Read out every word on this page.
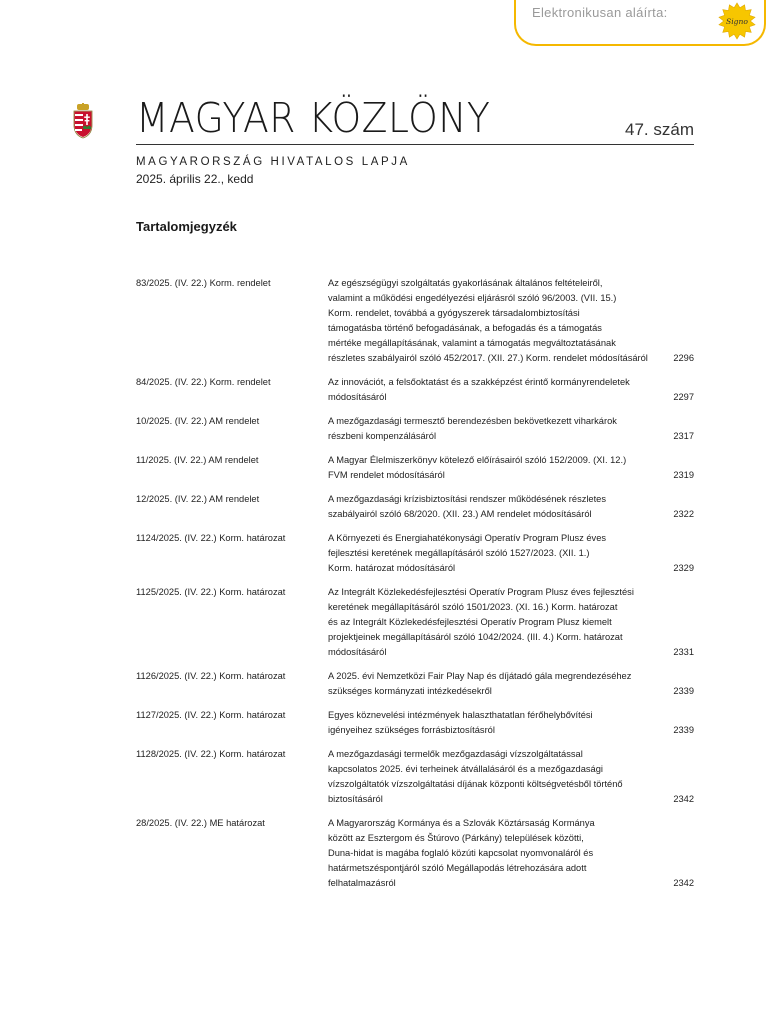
Elektronikusan aláírta:
Signo
MAGYAR KÖZLÖNY	47. szám
MAGYARORSZÁG HIVATALOS LAPJA
2025. április 22., kedd
Tartalomjegyzék
83/2025. (IV. 22.) Korm. rendelet	Az egészségügyi szolgáltatás gyakorlásának általános feltételeiről,
valamint a működési engedélyezési eljárásról szóló 96/2003. (VII. 15.)
Korm. rendelet, továbbá a gyógyszerek társadalombiztosítási
támogatásba történő befogadásának, a befogadás és a támogatás
mértéke megállapításának, valamint a támogatás megváltoztatásának
részletes szabályairól szóló 452/2017. (XII. 27.) Korm. rendelet módosításáról	2296
84/2025. (IV. 22.) Korm. rendelet	Az innovációt, a felsőoktatást és a szakképzést érintő kormányrendeletek
módosításáról	2297
10/2025. (IV. 22.) AM rendelet	A mezőgazdasági termesztő berendezésben bekövetkezett viharkárok
részbeni kompenzálásáról	2317
11/2025. (IV. 22.) AM rendelet	A Magyar Élelmiszerkönyv kötelező előírásairól szóló 152/2009. (XI. 12.)
FVM rendelet módosításáról	2319
12/2025. (IV. 22.) AM rendelet	A mezőgazdasági krízisbiztosítási rendszer működésének részletes
szabályairól szóló 68/2020. (XII. 23.) AM rendelet módosításáról	2322
1124/2025. (IV. 22.) Korm. határozat	A Környezeti és Energiahatékonysági Operatív Program Plusz éves
fejlesztési keretének megállapításáról szóló 1527/2023. (XII. 1.)
Korm. határozat módosításáról	2329
1125/2025. (IV. 22.) Korm. határozat	Az Integrált Közlekedésfejlesztési Operatív Program Plusz éves fejlesztési
keretének megállapításáról szóló 1501/2023. (XI. 16.) Korm. határozat
és az Integrált Közlekedésfejlesztési Operatív Program Plusz kiemelt
projektjeinek megállapításáról szóló 1042/2024. (III. 4.) Korm. határozat
módosításáról	2331
1126/2025. (IV. 22.) Korm. határozat	A 2025. évi Nemzetközi Fair Play Nap és díjátadó gála megrendezéséhez
szükséges kormányzati intézkedésekről	2339
1127/2025. (IV. 22.) Korm. határozat	Egyes köznevelési intézmények halaszthatatlan férőhelybővítési
igényeihez szükséges forrásbiztosításról	2339
1128/2025. (IV. 22.) Korm. határozat	A mezőgazdasági termelők mezőgazdasági vízszolgáltatással
kapcsolatos 2025. évi terheinek átvállalásáról és a mezőgazdasági
vízszolgáltatók vízszolgáltatási díjának központi költségvetésből történő
biztosításáról	2342
28/2025. (IV. 22.) ME határozat	A Magyarország Kormánya és a Szlovák Köztársaság Kormánya
között az Esztergom és Štúrovo (Párkány) települések közötti,
Duna-hidat is magába foglaló közúti kapcsolat nyomvonaláról és
határmetszéspontjáról szóló Megállapodás létrehozására adott
felhatalmazásról	2342
